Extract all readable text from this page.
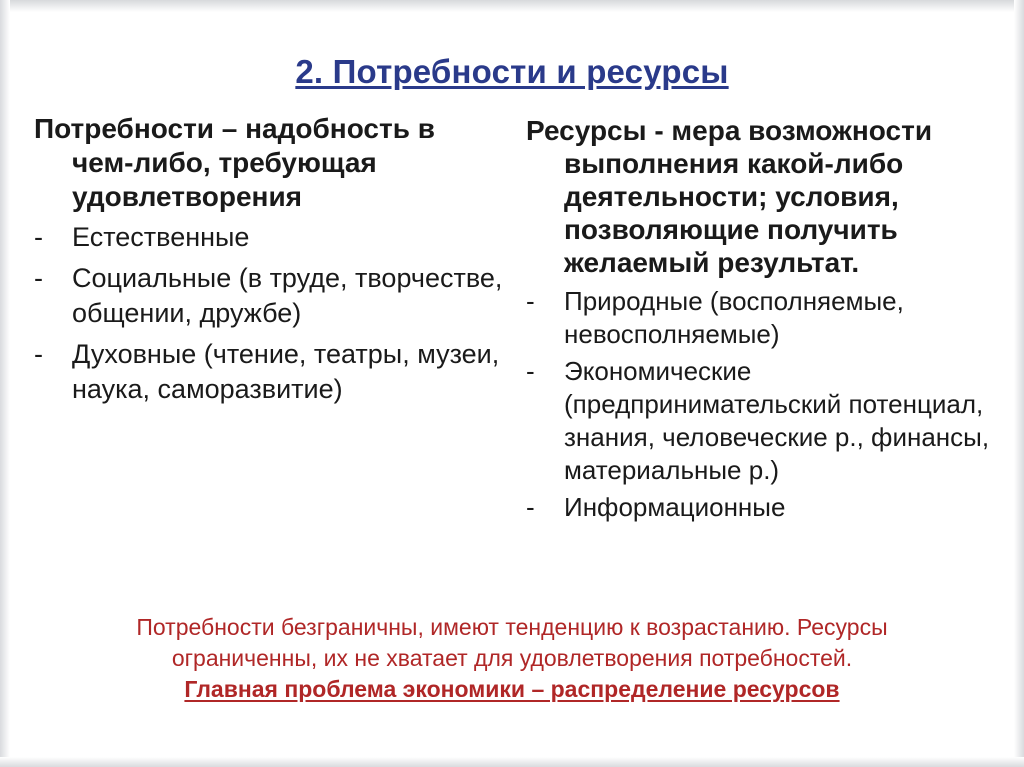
2. Потребности и ресурсы
Потребности – надобность в чем-либо, требующая удовлетворения
-	Естественные
-	Социальные (в труде, творчестве, общении, дружбе)
-	Духовные (чтение, театры, музеи, наука, саморазвитие)
Ресурсы - мера возможности выполнения какой-либо деятельности; условия, позволяющие получить желаемый результат.
-	Природные (восполняемые, невосполняемые)
-	Экономические (предпринимательский потенциал, знания, человеческие р., финансы, материальные р.)
-	Информационные
Потребности безграничны, имеют тенденцию к возрастанию. Ресурсы
ограниченны, их не хватает для удовлетворения потребностей.
Главная проблема экономики – распределение ресурсов
